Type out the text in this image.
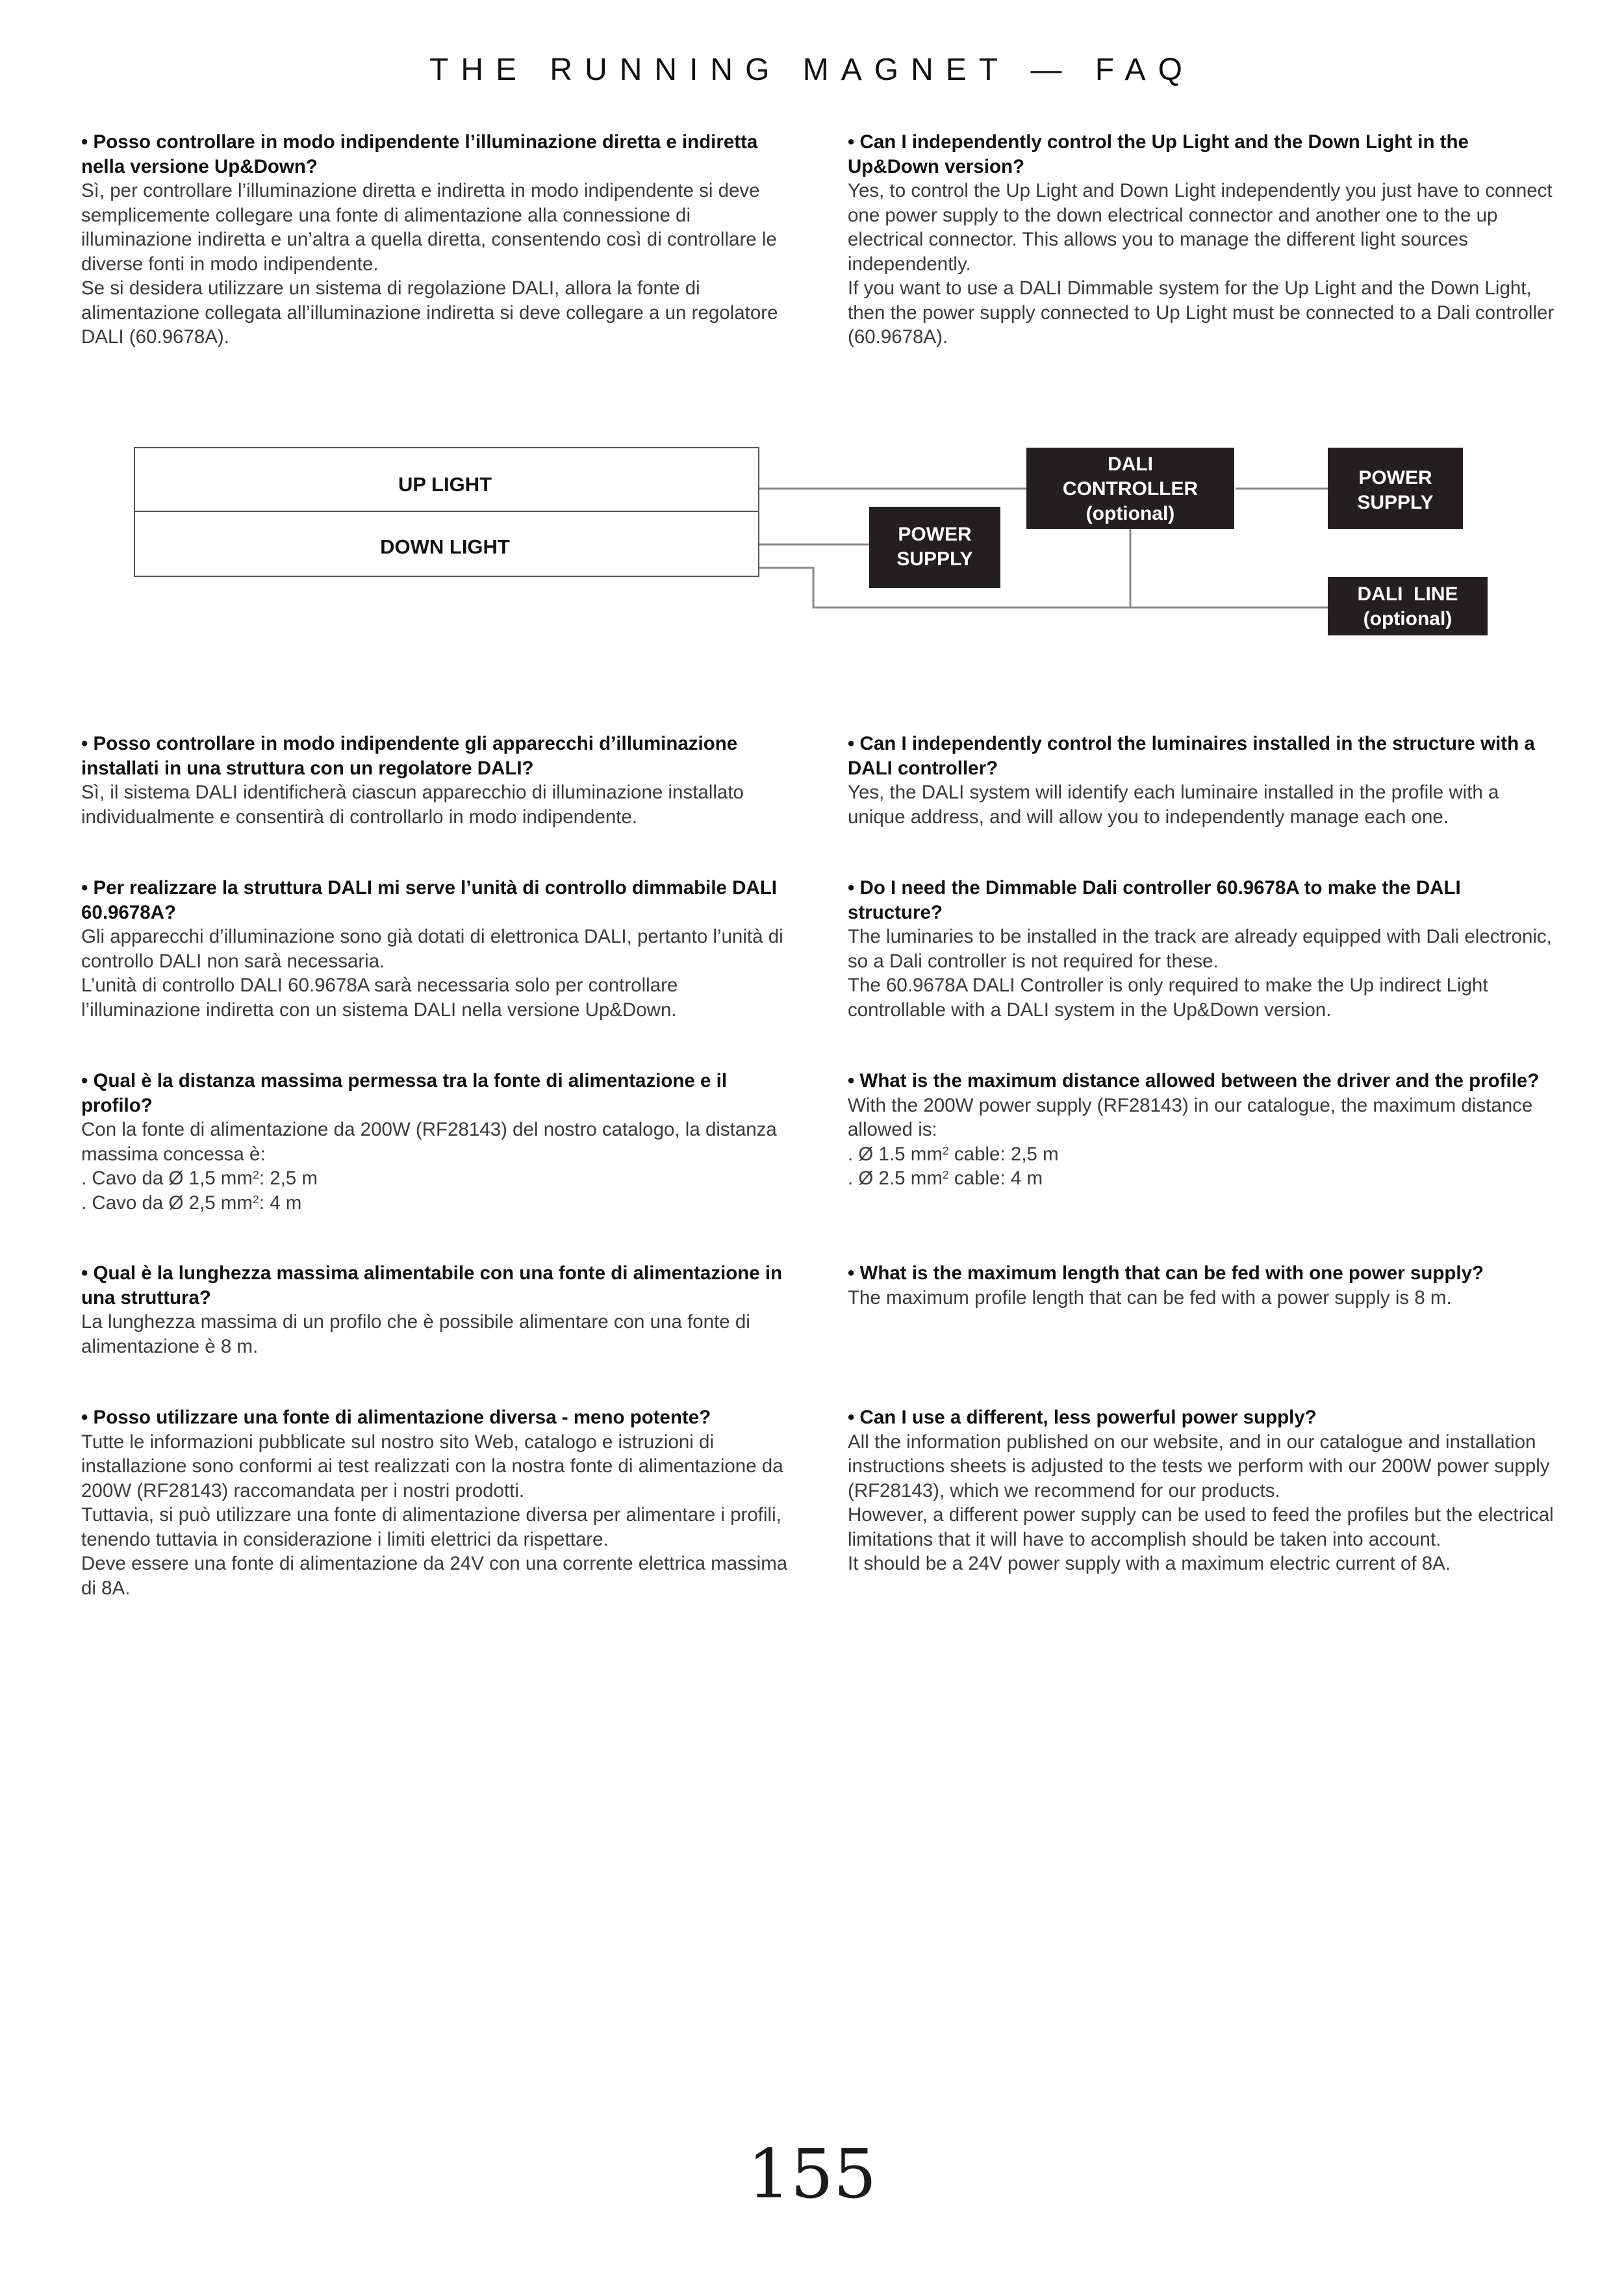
THE RUNNING MAGNET — FAQ

• Posso controllare in modo indipendente l’illuminazione diretta e indiretta nella versione Up&Down?

Sì, per controllare l’illuminazione diretta e indiretta in modo indipendente si deve semplicemente collegare una fonte di alimentazione alla connessione di illuminazione indiretta e un’altra a quella diretta, consentendo così di controllare le diverse fonti in modo indipendente.

Se si desidera utilizzare un sistema di regolazione DALI, allora la fonte di alimentazione collegata all’illuminazione indiretta si deve collegare a un regolatore DALI (60.9678A).

• Can I independently control the Up Light and the Down Light in the Up&Down version?

Yes, to control the Up Light and Down Light independently you just have to connect one power supply to the down electrical connector and another one to the up electrical connector. This allows you to manage the different light sources independently.

If you want to use a DALI Dimmable system for the Up Light and the Down Light, then the power supply connected to Up Light must be connected to a Dali controller (60.9678A).

UP LIGHT
DOWN LIGHT
POWER
SUPPLY
DALI
CONTROLLER
(optional)
POWER
SUPPLY
DALI  LINE
(optional)

• Posso controllare in modo indipendente gli apparecchi d’illuminazione installati in una struttura con un regolatore DALI?

Sì, il sistema DALI identificherà ciascun apparecchio di illuminazione installato individualmente e consentirà di controllarlo in modo indipendente.

• Can I independently control the luminaires installed in the structure with a DALI controller?

Yes, the DALI system will identify each luminaire installed in the profile with a unique address, and will allow you to independently manage each one.

• Per realizzare la struttura DALI mi serve l’unità di controllo dimmabile DALI 60.9678A?

Gli apparecchi d’illuminazione sono già dotati di elettronica DALI, pertanto l’unità di controllo DALI non sarà necessaria.

L’unità di controllo DALI 60.9678A sarà necessaria solo per controllare l’illuminazione indiretta con un sistema DALI nella versione Up&Down.

• Do I need the Dimmable Dali controller 60.9678A to make the DALI structure?

The luminaries to be installed in the track are already equipped with Dali electronic, so a Dali controller is not required for these.

The 60.9678A DALI Controller is only required to make the Up indirect Light controllable with a DALI system in the Up&Down version.

• Qual è la distanza massima permessa tra la fonte di alimentazione e il profilo?

Con la fonte di alimentazione da 200W (RF28143) del nostro catalogo, la distanza massima concessa è:

. Cavo da Ø 1,5 $mm^2$: 2,5 m

. Cavo da Ø 2,5 $mm^2$: 4 m

• What is the maximum distance allowed between the driver and the profile?

With the 200W power supply (RF28143) in our catalogue, the maximum distance allowed is:

. Ø 1.5 $mm^2$ cable: 2,5 m

. Ø 2.5 $mm^2$ cable: 4 m

• Qual è la lunghezza massima alimentabile con una fonte di alimentazione in una struttura?

La lunghezza massima di un profilo che è possibile alimentare con una fonte di alimentazione è 8 m.

• What is the maximum length that can be fed with one power supply?

The maximum profile length that can be fed with a power supply is 8 m.

• Posso utilizzare una fonte di alimentazione diversa - meno potente?

Tutte le informazioni pubblicate sul nostro sito Web, catalogo e istruzioni di installazione sono conformi ai test realizzati con la nostra fonte di alimentazione da 200W (RF28143) raccomandata per i nostri prodotti.

Tuttavia, si può utilizzare una fonte di alimentazione diversa per alimentare i profili, tenendo tuttavia in considerazione i limiti elettrici da rispettare.

Deve essere una fonte di alimentazione da 24V con una corrente elettrica massima di 8A.

• Can I use a different, less powerful power supply?

All the information published on our website, and in our catalogue and installation instructions sheets is adjusted to the tests we perform with our 200W power supply (RF28143), which we recommend for our products.

However, a different power supply can be used to feed the profiles but the electrical limitations that it will have to accomplish should be taken into account.

It should be a 24V power supply with a maximum electric current of 8A.

155
